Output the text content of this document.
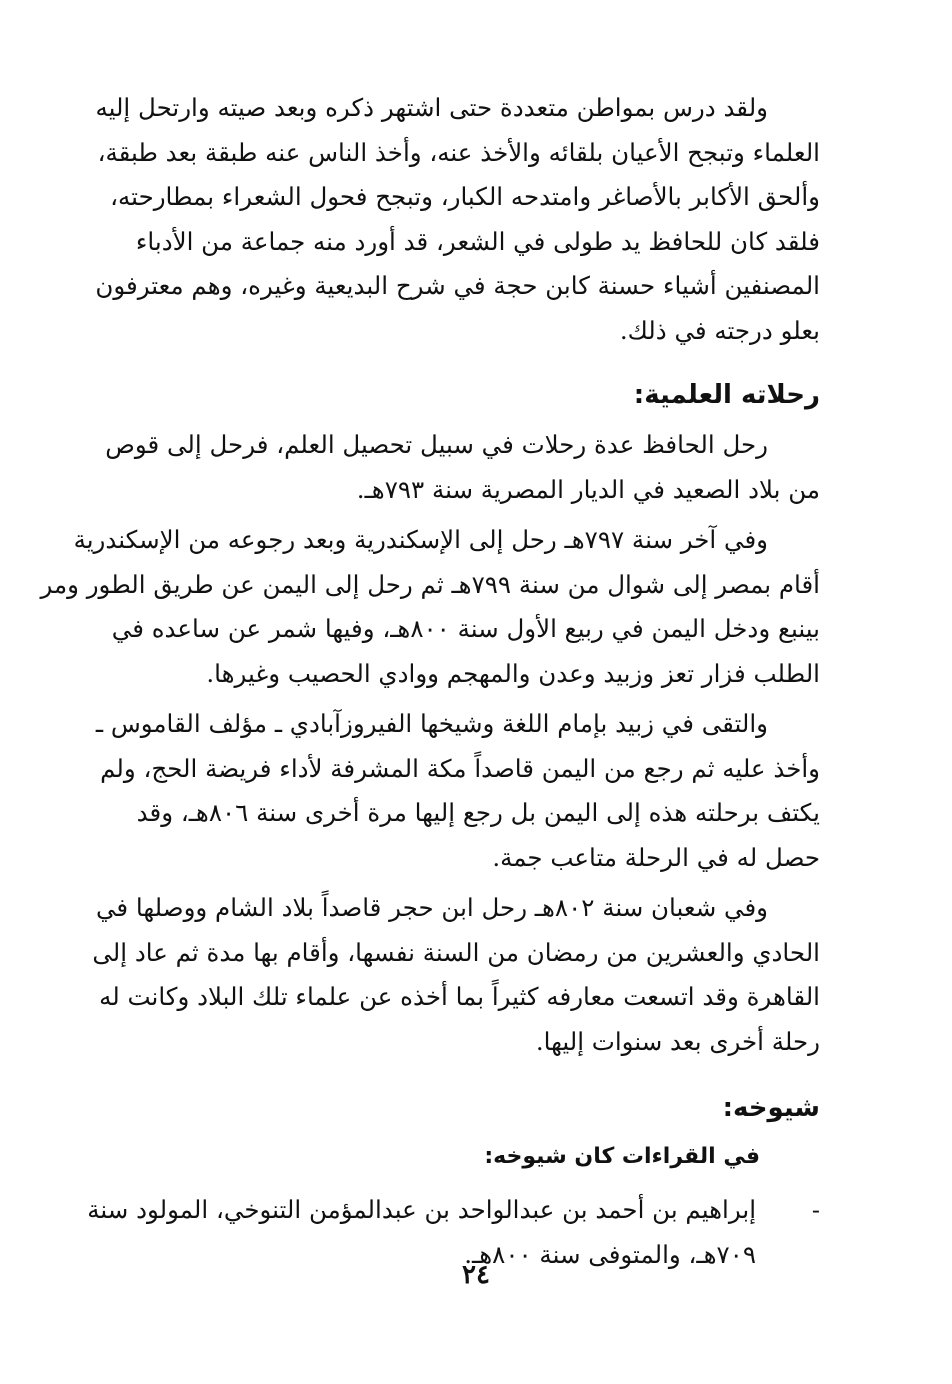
ولقد درس بمواطن متعددة حتى اشتهر ذكره وبعد صيته وارتحل إليه
العلماء وتبجح الأعيان بلقائه والأخذ عنه، وأخذ الناس عنه طبقة بعد طبقة،
وألحق الأكابر بالأصاغر وامتدحه الكبار، وتبجح فحول الشعراء بمطارحته،
فلقد كان للحافظ يد طولى في الشعر، قد أورد منه جماعة من الأدباء
المصنفين أشياء حسنة كابن حجة في شرح البديعية وغيره، وهم معترفون
بعلو درجته في ذلك.
رحلاته العلمية:
رحل الحافظ عدة رحلات في سبيل تحصيل العلم، فرحل إلى قوص
من بلاد الصعيد في الديار المصرية سنة ٧٩٣هـ.
وفي آخر سنة ٧٩٧هـ رحل إلى الإسكندرية وبعد رجوعه من الإسكندرية
أقام بمصر إلى شوال من سنة ٧٩٩هـ ثم رحل إلى اليمن عن طريق الطور ومر
بينبع ودخل اليمن في ربيع الأول سنة ٨٠٠هـ، وفيها شمر عن ساعده في
الطلب فزار تعز وزبيد وعدن والمهجم ووادي الحصيب وغيرها.
والتقى في زبيد بإمام اللغة وشيخها الفيروزآبادي ـ مؤلف القاموس ـ
وأخذ عليه ثم رجع من اليمن قاصداً مكة المشرفة لأداء فريضة الحج، ولم
يكتف برحلته هذه إلى اليمن بل رجع إليها مرة أخرى سنة ٨٠٦هـ، وقد
حصل له في الرحلة متاعب جمة.
وفي شعبان سنة ٨٠٢هـ رحل ابن حجر قاصداً بلاد الشام ووصلها في
الحادي والعشرين من رمضان من السنة نفسها، وأقام بها مدة ثم عاد إلى
القاهرة وقد اتسعت معارفه كثيراً بما أخذه عن علماء تلك البلاد وكانت له
رحلة أخرى بعد سنوات إليها.
شيوخه:
في القراءات كان شيوخه:
-
إبراهيم بن أحمد بن عبدالواحد بن عبدالمؤمن التنوخي، المولود سنة
٧٠٩هـ، والمتوفى سنة ٨٠٠هـ.
٢٤
